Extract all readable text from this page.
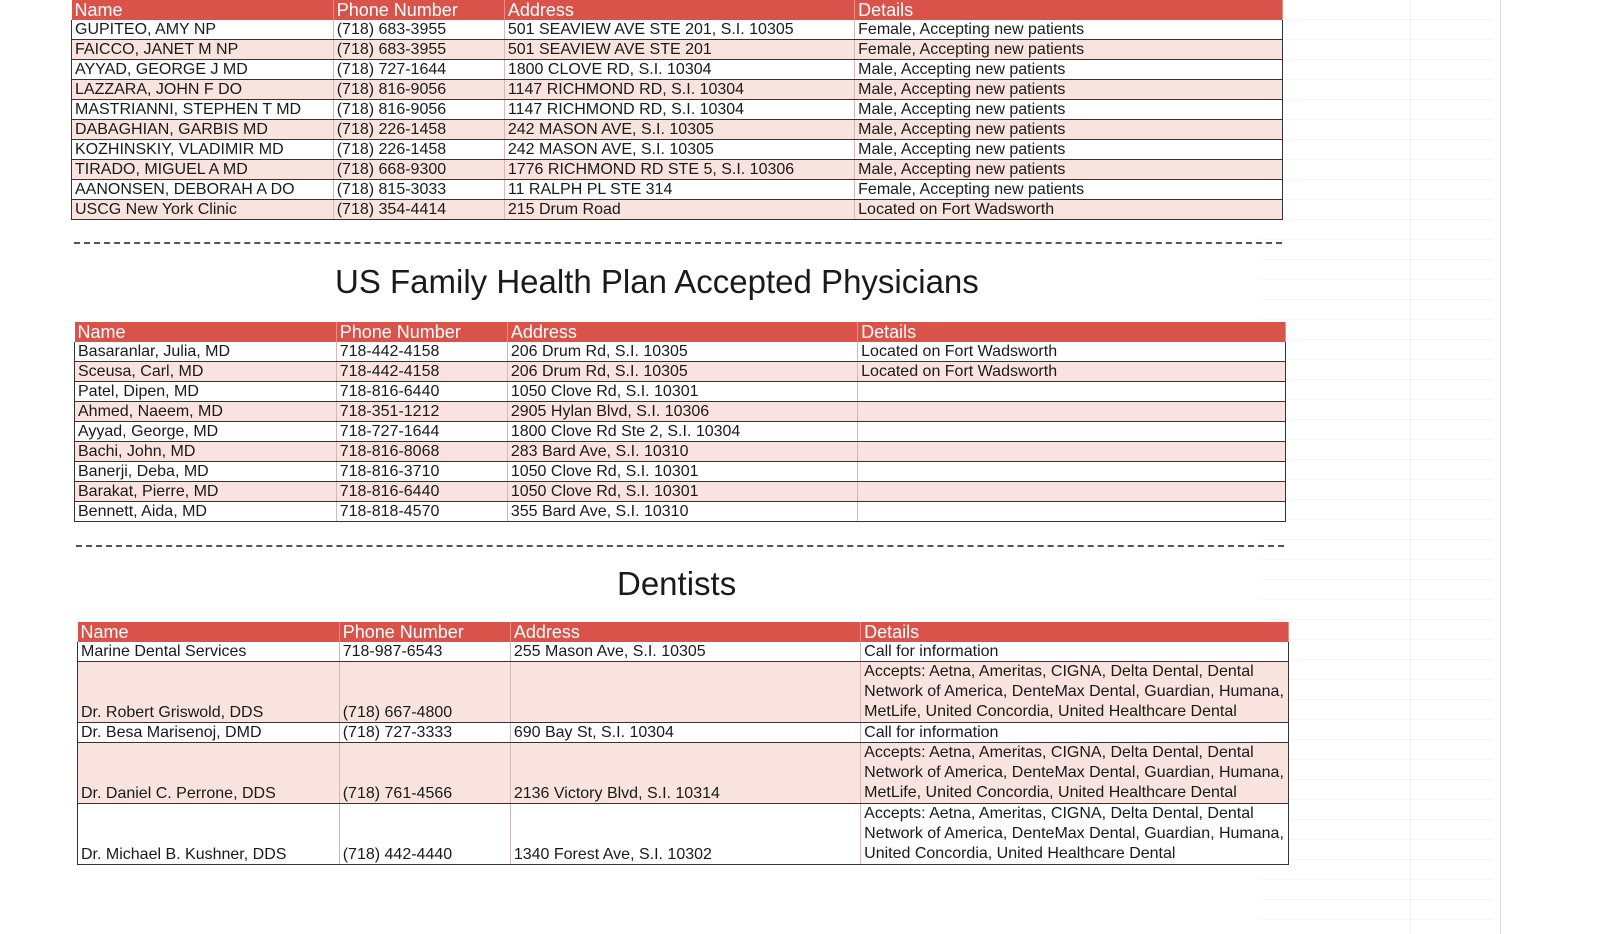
Name	Phone Number	Address	Details
GUPITEO, AMY NP	(718) 683-3955	501 SEAVIEW AVE STE 201, S.I. 10305	Female, Accepting new patients
FAICCO, JANET M NP	(718) 683-3955	501 SEAVIEW AVE STE 201	Female, Accepting new patients
AYYAD, GEORGE J MD	(718) 727-1644	1800 CLOVE RD, S.I. 10304	Male, Accepting new patients
LAZZARA, JOHN F DO	(718) 816-9056	1147 RICHMOND RD, S.I. 10304	Male, Accepting new patients
MASTRIANNI, STEPHEN T MD	(718) 816-9056	1147 RICHMOND RD, S.I. 10304	Male, Accepting new patients
DABAGHIAN, GARBIS MD	(718) 226-1458	242 MASON AVE, S.I. 10305	Male, Accepting new patients
KOZHINSKIY, VLADIMIR MD	(718) 226-1458	242 MASON AVE, S.I. 10305	Male, Accepting new patients
TIRADO, MIGUEL A MD	(718) 668-9300	1776 RICHMOND RD STE 5, S.I. 10306	Male, Accepting new patients
AANONSEN, DEBORAH A DO	(718) 815-3033	11 RALPH PL STE 314	Female, Accepting new patients
USCG New York Clinic	(718) 354-4414	215 Drum Road	Located on Fort Wadsworth
US Family Health Plan Accepted Physicians
Name	Phone Number	Address	Details
Basaranlar, Julia, MD	718-442-4158	206 Drum Rd, S.I. 10305	Located on Fort Wadsworth
Sceusa, Carl, MD	718-442-4158	206 Drum Rd, S.I. 10305	Located on Fort Wadsworth
Patel, Dipen, MD	718-816-6440	1050 Clove Rd, S.I. 10301	
Ahmed, Naeem, MD	718-351-1212	2905 Hylan Blvd, S.I. 10306	
Ayyad, George, MD	718-727-1644	1800 Clove Rd Ste 2, S.I. 10304	
Bachi, John, MD	718-816-8068	283 Bard Ave, S.I. 10310	
Banerji, Deba, MD	718-816-3710	1050 Clove Rd, S.I. 10301	
Barakat, Pierre, MD	718-816-6440	1050 Clove Rd, S.I. 10301	
Bennett, Aida, MD	718-818-4570	355 Bard Ave, S.I. 10310	
Dentists
Name	Phone Number	Address	Details
Marine Dental Services	718-987-6543	255 Mason Ave, S.I. 10305	Call for information
Dr. Robert Griswold, DDS	(718) 667-4800		Accepts: Aetna, Ameritas, CIGNA, Delta Dental, Dental Network of America, DenteMax Dental, Guardian, Humana, MetLife, United Concordia, United Healthcare Dental
Dr. Besa Marisenoj, DMD	(718) 727-3333	690 Bay St, S.I. 10304	Call for information
Dr. Daniel C. Perrone, DDS	(718) 761-4566	2136 Victory Blvd, S.I. 10314	Accepts: Aetna, Ameritas, CIGNA, Delta Dental, Dental Network of America, DenteMax Dental, Guardian, Humana, MetLife, United Concordia, United Healthcare Dental
Dr. Michael B. Kushner, DDS	(718) 442-4440	1340 Forest Ave, S.I. 10302	Accepts: Aetna, Ameritas, CIGNA, Delta Dental, Dental Network of America, DenteMax Dental, Guardian, Humana, United Concordia, United Healthcare Dental
